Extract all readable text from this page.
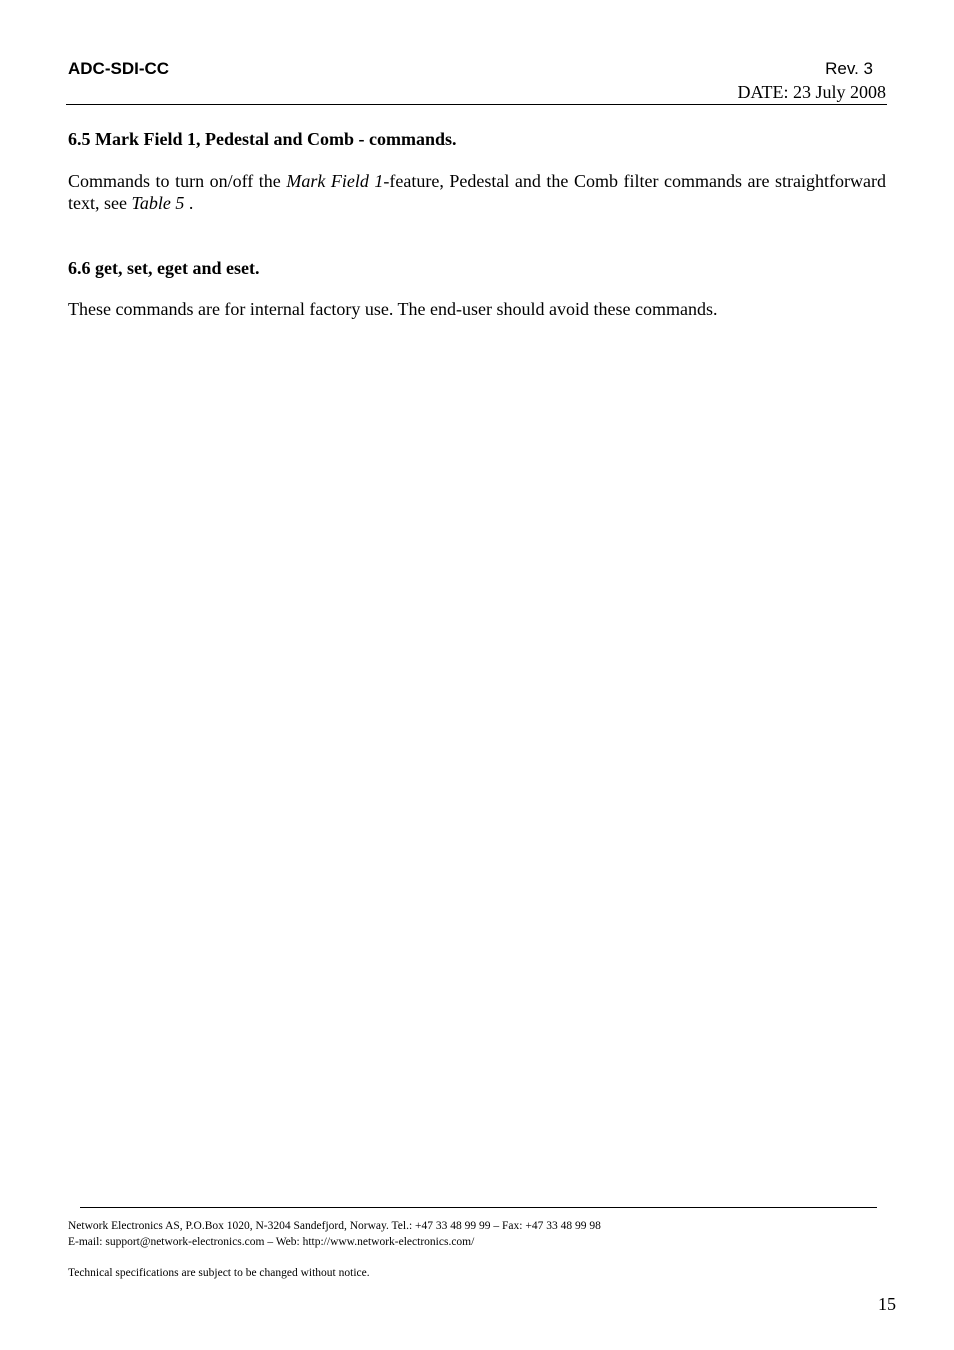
ADC-SDI-CC	Rev. 3
DATE: 23 July 2008
6.5 Mark Field 1, Pedestal and Comb - commands.

Commands to turn on/off the Mark Field 1-feature, Pedestal and the Comb filter commands are straightforward text, see Table 5 .

6.6 get, set, eget and eset.

These commands are for internal factory use. The end-user should avoid these commands.

Network Electronics AS, P.O.Box 1020, N-3204 Sandefjord, Norway. Tel.: +47 33 48 99 99 – Fax: +47 33 48 99 98
E-mail: support@network-electronics.com – Web: http://www.network-electronics.com/
Technical specifications are subject to be changed without notice.
15
